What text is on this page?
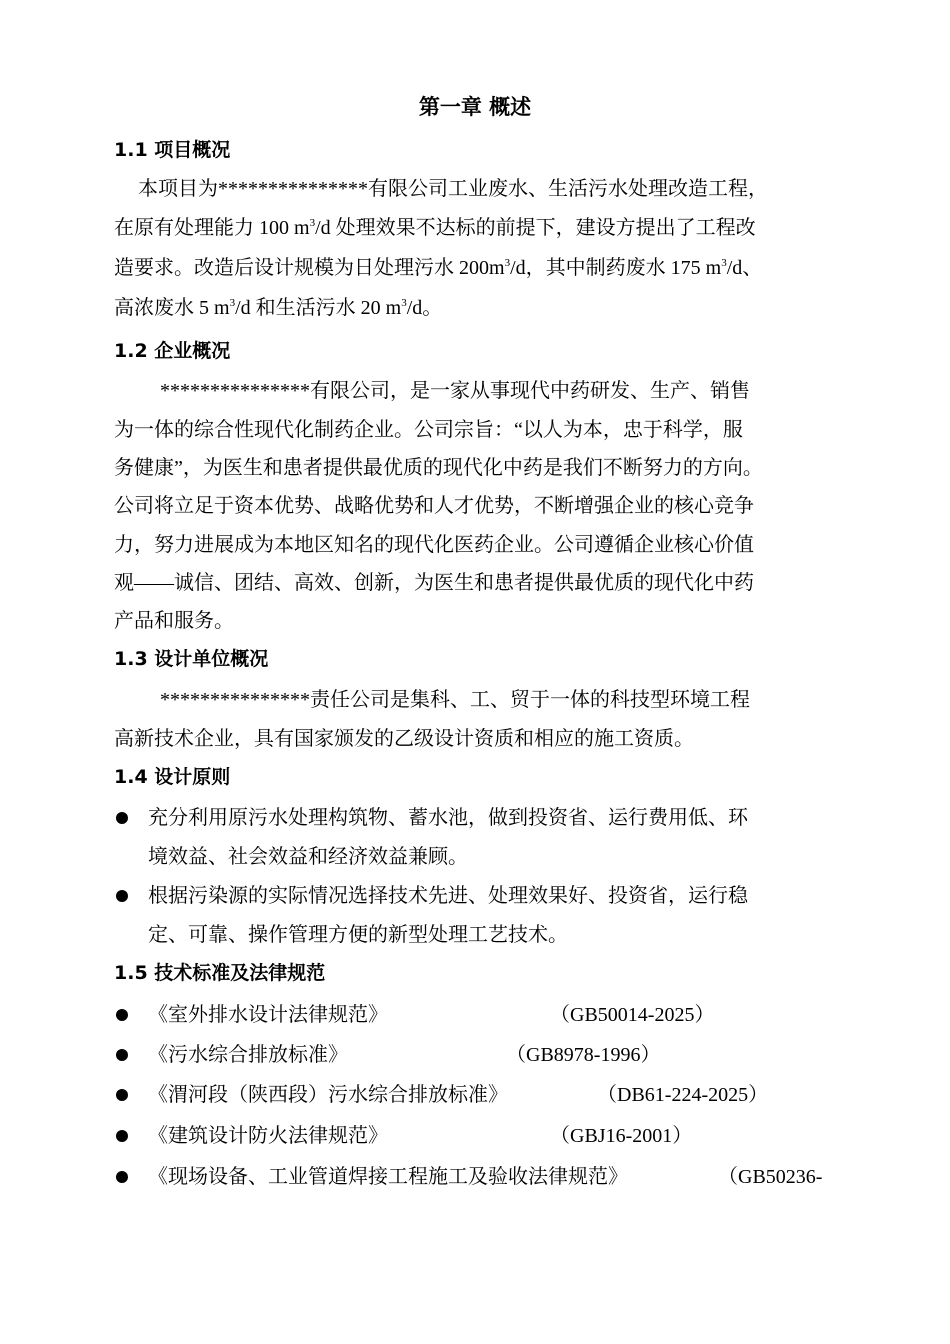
第一章 概述
1.1 项目概况
本项目为***************有限公司工业废水、生活污水处理改造工程，
在原有处理能力 100 $m^3/d$ 处理效果不达标的前提下，建设方提出了工程改
造要求。改造后设计规模为日处理污水 $200m^3/d$，其中制药废水 175 $m^3/d$、
高浓废水 5 $m^3/d$ 和生活污水 20 $m^3/d$。
1.2 企业概况
***************有限公司，是一家从事现代中药研发、生产、销售
为一体的综合性现代化制药企业。公司宗旨：“以人为本，忠于科学，服
务健康”，为医生和患者提供最优质的现代化中药是我们不断努力的方向。
公司将立足于资本优势、战略优势和人才优势，不断增强企业的核心竞争
力，努力进展成为本地区知名的现代化医药企业。公司遵循企业核心价值
观——诚信、团结、高效、创新，为医生和患者提供最优质的现代化中药
产品和服务。
1.3 设计单位概况
***************责任公司是集科、工、贸于一体的科技型环境工程
高新技术企业，具有国家颁发的乙级设计资质和相应的施工资质。
1.4 设计原则
充分利用原污水处理构筑物、蓄水池，做到投资省、运行费用低、环
境效益、社会效益和经济效益兼顾。
根据污染源的实际情况选择技术先进、处理效果好、投资省，运行稳
定、可靠、操作管理方便的新型处理工艺技术。
1.5 技术标准及法律规范
《室外排水设计法律规范》	（GB50014-2025）
《污水综合排放标准》	（GB8978-1996）
《渭河段（陕西段）污水综合排放标准》	（DB61-224-2025）
《建筑设计防火法律规范》	（GBJ16-2001）
《现场设备、工业管道焊接工程施工及验收法律规范》	（GB50236-
